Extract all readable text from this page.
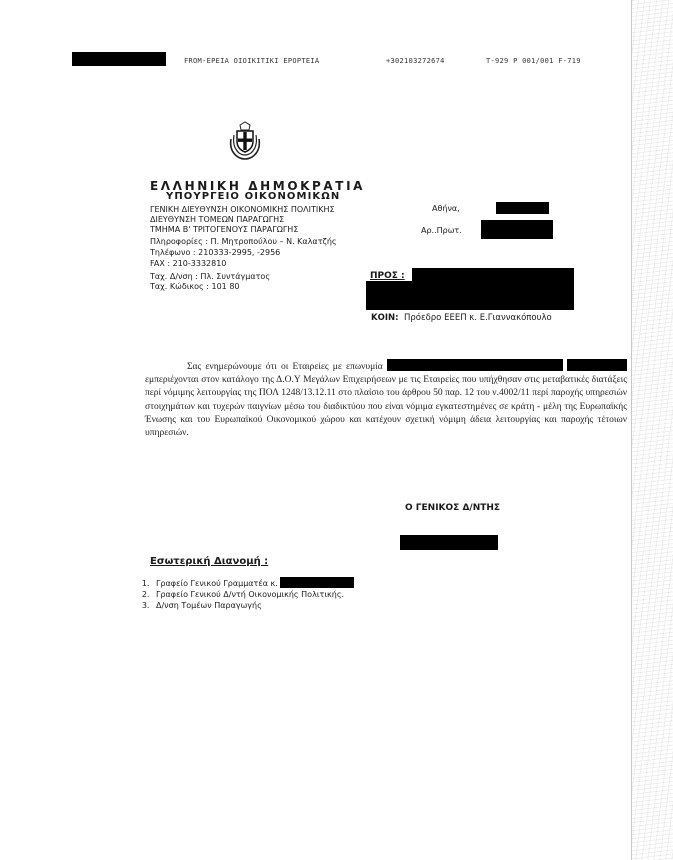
FROM-ΕΡΕΙΑ ΟΙΟΙΚΙΤΙΚΙ ΕΡΟΡΤΕΙΑ	+302103272674	T-929 P 001/001 F-719
ΕΛΛΗΝΙΚΗ ΔΗΜΟΚΡΑΤΙΑ
ΥΠΟΥΡΓΕΙΟ ΟΙΚΟΝΟΜΙΚΩΝ
ΓΕΝΙΚΗ ΔΙΕΥΘΥΝΣΗ ΟΙΚΟΝΟΜΙΚΗΣ ΠΟΛΙΤΙΚΗΣ
ΔΙΕΥΘΥΝΣΗ ΤΟΜΕΩΝ ΠΑΡΑΓΩΓΗΣ
ΤΜΗΜΑ Β' ΤΡΙΤΟΓΕΝΟΥΣ ΠΑΡΑΓΩΓΗΣ
Πληροφορίες : Π. Μητροπούλου – Ν. Καλατζής
Τηλέφωνο : 210333-2995, -2956
FAX : 210-3332810
Ταχ. Δ/νση : Πλ. Συντάγματος
Ταχ. Κώδικος : 101 80
Αθήνα,
Αρ..Πρωτ.
ΠΡΟΣ :
ΚΟΙΝ: Πρόεδρο ΕΕΕΠ κ. Ε.Γιαννακόπουλο
Σας ενημερώνουμε ότι οι Εταιρείες με επωνυμία   εμπεριέχονται στον κατάλογο της Δ.Ο.Υ Μεγάλων Επιχειρήσεων με τις Εταιρείες που υπήχθησαν στις μεταβατικές διατάξεις περί νόμιμης λειτουργίας της ΠΟΛ 1248/13.12.11 στο πλαίσιο του άρθρου 50 παρ. 12 του ν.4002/11 περί παροχής υπηρεσιών στοιχημάτων και τυχερών παιγνίων μέσω του διαδικτύου που είναι νόμιμα εγκατεστημένες σε κράτη - μέλη της Ευρωπαϊκής Ένωσης και του Ευρωπαϊκού Οικονομικού χώρου και κατέχουν σχετική νόμιμη άδεια λειτουργίας και παροχής τέτοιων υπηρεσιών.
Ο ΓΕΝΙΚΟΣ Δ/ΝΤΗΣ
Εσωτερική Διανομή :
1. Γραφείο Γενικού Γραμματέα κ.
2. Γραφείο Γενικού Δ/ντή Οικονομικής Πολιτικής.
3. Δ/νση Τομέων Παραγωγής
